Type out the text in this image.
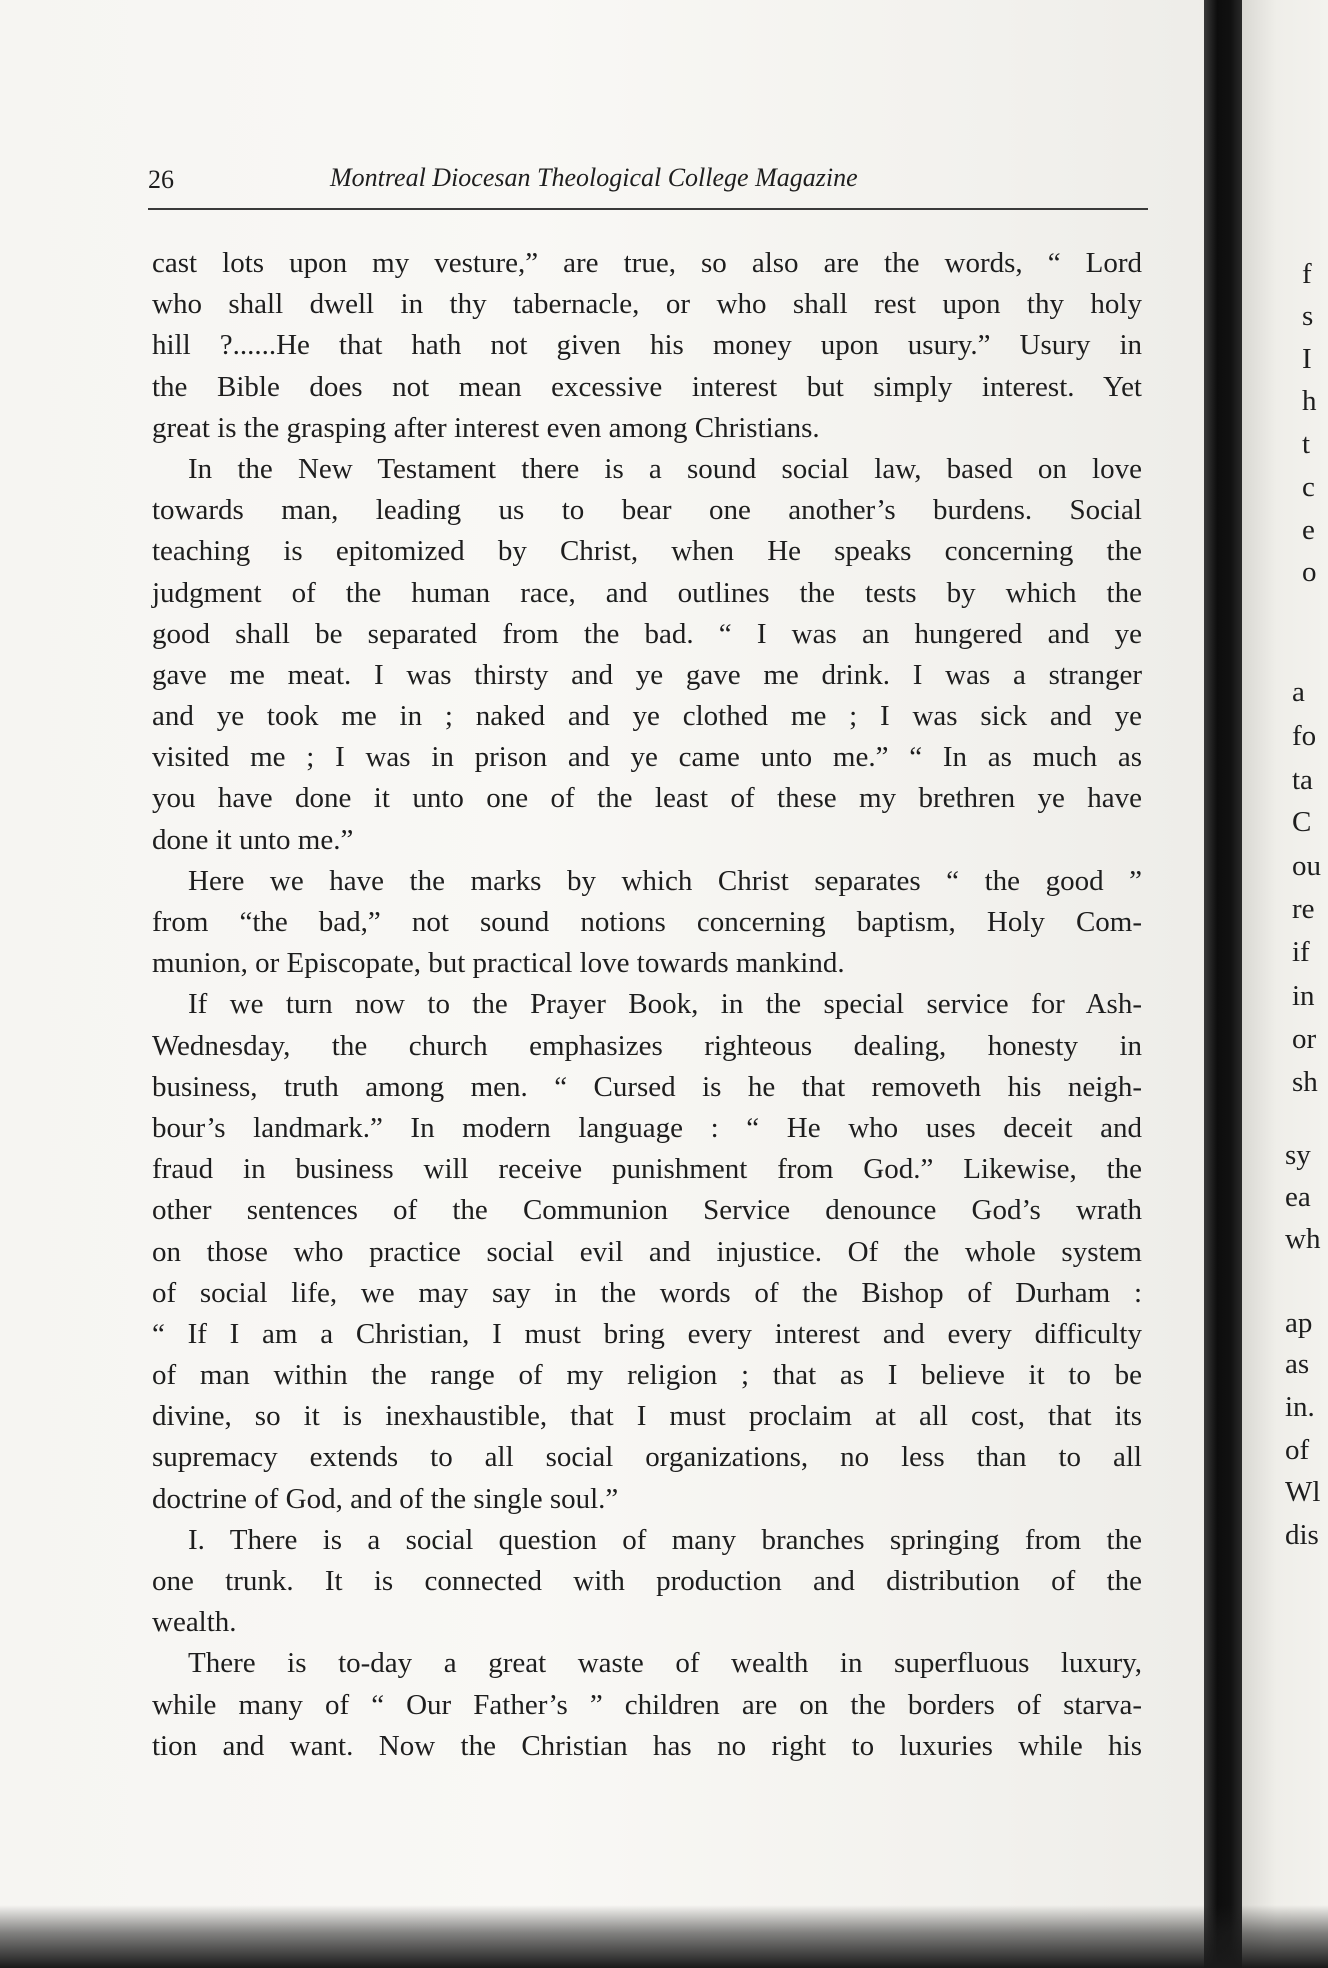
26	Montreal Diocesan Theological College Magazine
cast lots upon my vesture,” are true, so also are the words, “ Lord
who shall dwell in thy tabernacle, or who shall rest upon thy holy
hill ?......He that hath not given his money upon usury.” Usury in
the Bible does not mean excessive interest but simply interest. Yet
great is the grasping after interest even among Christians.
In the New Testament there is a sound social law, based on love
towards man, leading us to bear one another’s burdens. Social
teaching is epitomized by Christ, when He speaks concerning the
judgment of the human race, and outlines the tests by which the
good shall be separated from the bad. “ I was an hungered and ye
gave me meat. I was thirsty and ye gave me drink. I was a stranger
and ye took me in ; naked and ye clothed me ; I was sick and ye
visited me ; I was in prison and ye came unto me.” “ In as much as
you have done it unto one of the least of these my brethren ye have
done it unto me.”
Here we have the marks by which Christ separates “ the good ”
from “the bad,” not sound notions concerning baptism, Holy Com-
munion, or Episcopate, but practical love towards mankind.
If we turn now to the Prayer Book, in the special service for Ash-
Wednesday, the church emphasizes righteous dealing, honesty in
business, truth among men. “ Cursed is he that removeth his neigh-
bour’s landmark.” In modern language : “ He who uses deceit and
fraud in business will receive punishment from God.” Likewise, the
other sentences of the Communion Service denounce God’s wrath
on those who practice social evil and injustice. Of the whole system
of social life, we may say in the words of the Bishop of Durham :
“ If I am a Christian, I must bring every interest and every difficulty
of man within the range of my religion ; that as I believe it to be
divine, so it is inexhaustible, that I must proclaim at all cost, that its
supremacy extends to all social organizations, no less than to all
doctrine of God, and of the single soul.”
I. There is a social question of many branches springing from the
one trunk. It is connected with production and distribution of the
wealth.
There is to-day a great waste of wealth in superfluous luxury,
while many of “ Our Father’s ” children are on the borders of starva-
tion and want. Now the Christian has no right to luxuries while his
f
s
I
h
t
c
e
o
a
fo
ta
C
ou
re
if
in
or
sh
sy
ea
wh
ap
as
in.
of
Wl
dis
